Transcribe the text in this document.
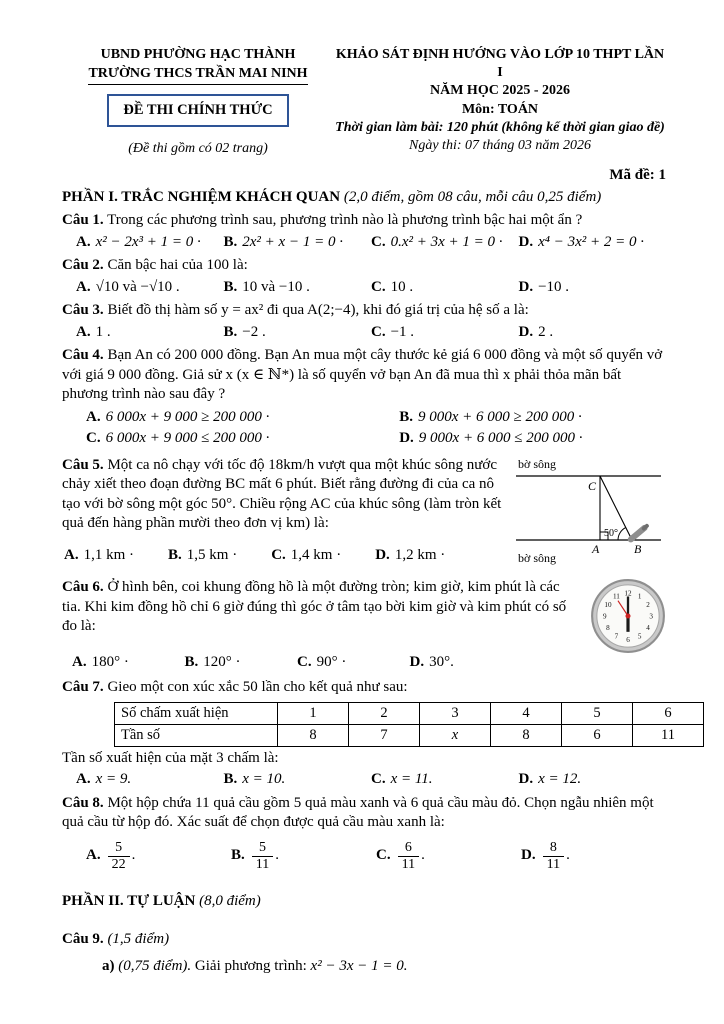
UBND PHƯỜNG HẠC THÀNH
TRƯỜNG THCS TRẦN MAI NINH
ĐỀ THI CHÍNH THỨC
(Đề thi gồm có 02 trang)
KHẢO SÁT ĐỊNH HƯỚNG VÀO LỚP 10 THPT LẦN I
NĂM HỌC 2025 - 2026
Môn: TOÁN
Thời gian làm bài: 120 phút (không kể thời gian giao đề)
Ngày thi: 07 tháng 03 năm 2026
Mã đề: 1
PHẦN I. TRẮC NGHIỆM KHÁCH QUAN (2,0 điểm, gồm 08 câu, mỗi câu 0,25 điểm)
Câu 1. Trong các phương trình sau, phương trình nào là phương trình bậc hai một ẩn ?
A. x² − 2x³ + 1 = 0 ·	B. 2x² + x − 1 = 0 ·	C. 0.x² + 3x + 1 = 0 ·	D. x⁴ − 3x² + 2 = 0 ·
Câu 2. Căn bậc hai của 100 là:
A. √10 và −√10 .	B. 10 và −10 .	C. 10 .	D. −10 .
Câu 3. Biết đồ thị hàm số y = ax² đi qua A(2;−4), khi đó giá trị của hệ số a là:
A. 1 .	B. −2 .	C. −1 .	D. 2 .
Câu 4. Bạn An có 200 000 đồng. Bạn An mua một cây thước kẻ giá 6 000 đồng và một số quyển vở với giá 9 000 đồng. Giả sử x (x ∈ ℕ*) là số quyển vở bạn An đã mua thì x phải thỏa mãn bất phương trình nào sau đây ?
A. 6 000x + 9 000 ≥ 200 000 ·	B. 9 000x + 6 000 ≥ 200 000 ·
C. 6 000x + 9 000 ≤ 200 000 ·	D. 9 000x + 6 000 ≤ 200 000 ·
Câu 5. Một ca nô chạy với tốc độ 18km/h vượt qua một khúc sông nước chảy xiết theo đoạn đường BC mất 6 phút. Biết rằng đường đi của ca nô tạo với bờ sông một góc 50°. Chiều rộng AC của khúc sông (làm tròn kết quả đến hàng phần mười theo đơn vị km) là:
A. 1,1 km · B. 1,5 km · C. 1,4 km · D. 1,2 km ·
bờ sông
C
50°
A	B
bờ sông
Câu 6. Ở hình bên, coi khung đồng hồ là một đường tròn; kim giờ, kim phút là các tia. Khi kim đồng hồ chỉ 6 giờ đúng thì góc ở tâm tạo bời kim giờ và kim phút có số đo là:
A. 180° ·	B. 120° ·	C. 90° ·	D. 30°.
12 1
2
3
4
5
6
7
8
9
10
11
Câu 7. Gieo một con xúc xắc 50 lần cho kết quả như sau:
Số chấm xuất hiện	1	2	3	4	5	6
Tần số	8	7	x	8	6	11
Tần số xuất hiện của mặt 3 chấm là:
A. x = 9.	B. x = 10.	C. x = 11.	D. x = 12.
Câu 8. Một hộp chứa 11 quả cầu gồm 5 quả màu xanh và 6 quả cầu màu đỏ. Chọn ngẫu nhiên một quả cầu từ hộp đó. Xác suất để chọn được quả cầu màu xanh là:
A. $\frac{5}{22}$ .	B. $\frac{5}{11}$ .	C. $\frac{6}{11}$ .	D. $\frac{8}{11}$ .
PHẦN II. TỰ LUẬN (8,0 điểm)
Câu 9. (1,5 điểm)
a) (0,75 điểm). Giải phương trình: x² − 3x − 1 = 0.
